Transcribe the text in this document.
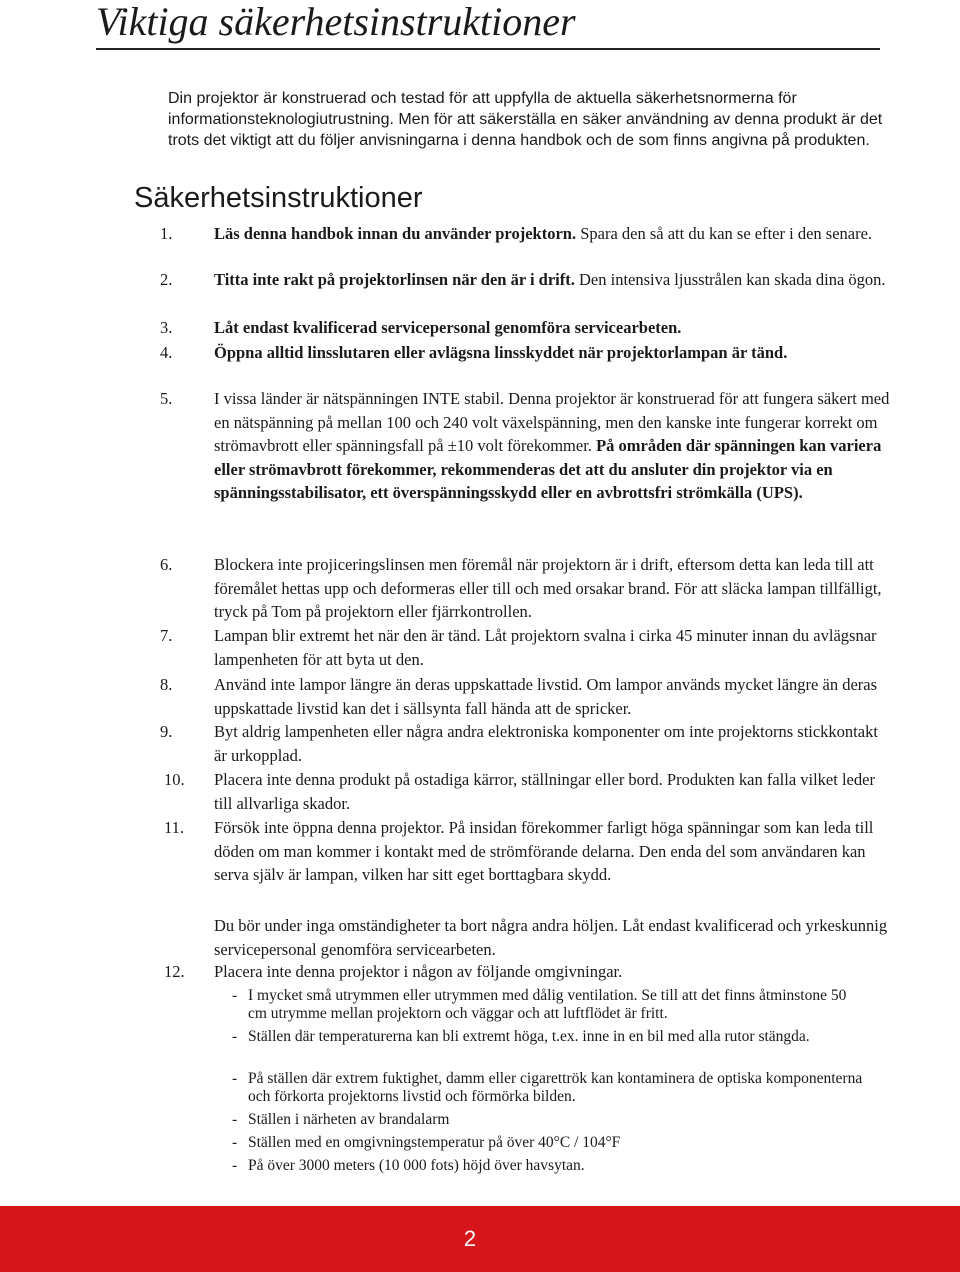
Viktiga säkerhetsinstruktioner

Din projektor är konstruerad och testad för att uppfylla de aktuella säkerhetsnormerna för informationsteknologiutrustning. Men för att säkerställa en säker användning av denna produkt är det trots det viktigt att du följer anvisningarna i denna handbok och de som finns angivna på produkten.

Säkerhetsinstruktioner
1.	Läs denna handbok innan du använder projektorn. Spara den så att du kan se efter i den senare.
2.	Titta inte rakt på projektorlinsen när den är i drift. Den intensiva ljusstrålen kan skada dina ögon.
3.	Låt endast kvalificerad servicepersonal genomföra servicearbeten.
4.	Öppna alltid linsslutaren eller avlägsna linsskyddet när projektorlampan är tänd.
5.	I vissa länder är nätspänningen INTE stabil. Denna projektor är konstruerad för att fungera säkert med en nätspänning på mellan 100 och 240 volt växelspänning, men den kanske inte fungerar korrekt om strömavbrott eller spänningsfall på ±10 volt förekommer. På områden där spänningen kan variera eller strömavbrott förekommer, rekommenderas det att du ansluter din projektor via en spänningsstabilisator, ett överspänningsskydd eller en avbrottsfri strömkälla (UPS).
6.	Blockera inte projiceringslinsen men föremål när projektorn är i drift, eftersom detta kan leda till att föremålet hettas upp och deformeras eller till och med orsakar brand. För att släcka lampan tillfälligt, tryck på Tom på projektorn eller fjärrkontrollen.
7.	Lampan blir extremt het när den är tänd. Låt projektorn svalna i cirka 45 minuter innan du avlägsnar lampenheten för att byta ut den.
8.	Använd inte lampor längre än deras uppskattade livstid. Om lampor används mycket längre än deras uppskattade livstid kan det i sällsynta fall hända att de spricker.
9.	Byt aldrig lampenheten eller några andra elektroniska komponenter om inte projektorns stickkontakt är urkopplad.
10.	Placera inte denna produkt på ostadiga kärror, ställningar eller bord. Produkten kan falla vilket leder till allvarliga skador.
11.	Försök inte öppna denna projektor. På insidan förekommer farligt höga spänningar som kan leda till döden om man kommer i kontakt med de strömförande delarna. Den enda del som användaren kan serva själv är lampan, vilken har sitt eget borttagbara skydd.
Du bör under inga omständigheter ta bort några andra höljen. Låt endast kvalificerad och yrkeskunnig servicepersonal genomföra servicearbeten.
12.	Placera inte denna projektor i någon av följande omgivningar.
- I mycket små utrymmen eller utrymmen med dålig ventilation. Se till att det finns åtminstone 50 cm utrymme mellan projektorn och väggar och att luftflödet är fritt.
- Ställen där temperaturerna kan bli extremt höga, t.ex. inne in en bil med alla rutor stängda.
- På ställen där extrem fuktighet, damm eller cigarettrök kan kontaminera de optiska komponenterna och förkorta projektorns livstid och förmörka bilden.
- Ställen i närheten av brandalarm
- Ställen med en omgivningstemperatur på över 40°C / 104°F
- På över 3000 meters (10 000 fots) höjd över havsytan.
2
